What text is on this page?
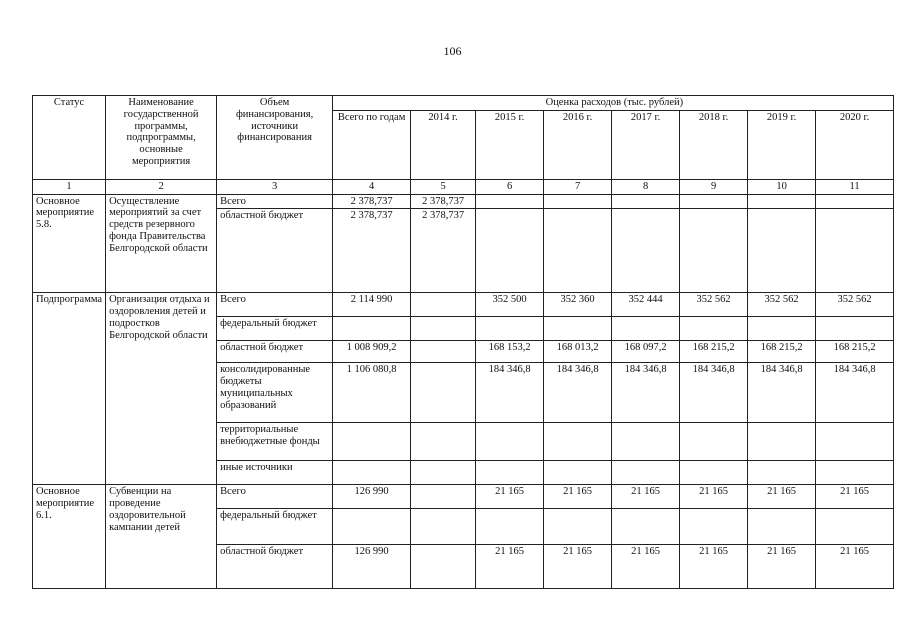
106
Статус	Наименование государственной программы, подпрограммы, основные мероприятия	Объем финансирования, источники финансирования	Оценка расходов (тыс. рублей)							
			Всего по годам	2014 г.	2015 г.	2016 г.	2017 г.	2018 г.	2019 г.	2020 г.
1	2	3	4	5	6	7	8	9	10	11
Основное мероприятие 5.8.	Осуществление мероприятий за счет средств резервного фонда Правительства Белгородской области	Всего	2 378,737	2 378,737						
		областной бюджет	2 378,737	2 378,737						
Подпрограмма	Организация отдыха и оздоровления детей и подростков Белгородской области	Всего	2 114 990		352 500	352 360	352 444	352 562	352 562	352 562
		федеральный бюджет								
		областной бюджет	1 008 909,2		168 153,2	168 013,2	168 097,2	168 215,2	168 215,2	168 215,2
		консолидированные бюджеты муниципальных образований	1 106 080,8		184 346,8	184 346,8	184 346,8	184 346,8	184 346,8	184 346,8
		территориальные внебюджетные фонды								
		иные источники								
Основное мероприятие 6.1.	Субвенции на проведение оздоровительной кампании детей	Всего	126 990		21 165	21 165	21 165	21 165	21 165	21 165
		федеральный бюджет								
		областной бюджет	126 990		21 165	21 165	21 165	21 165	21 165	21 165
